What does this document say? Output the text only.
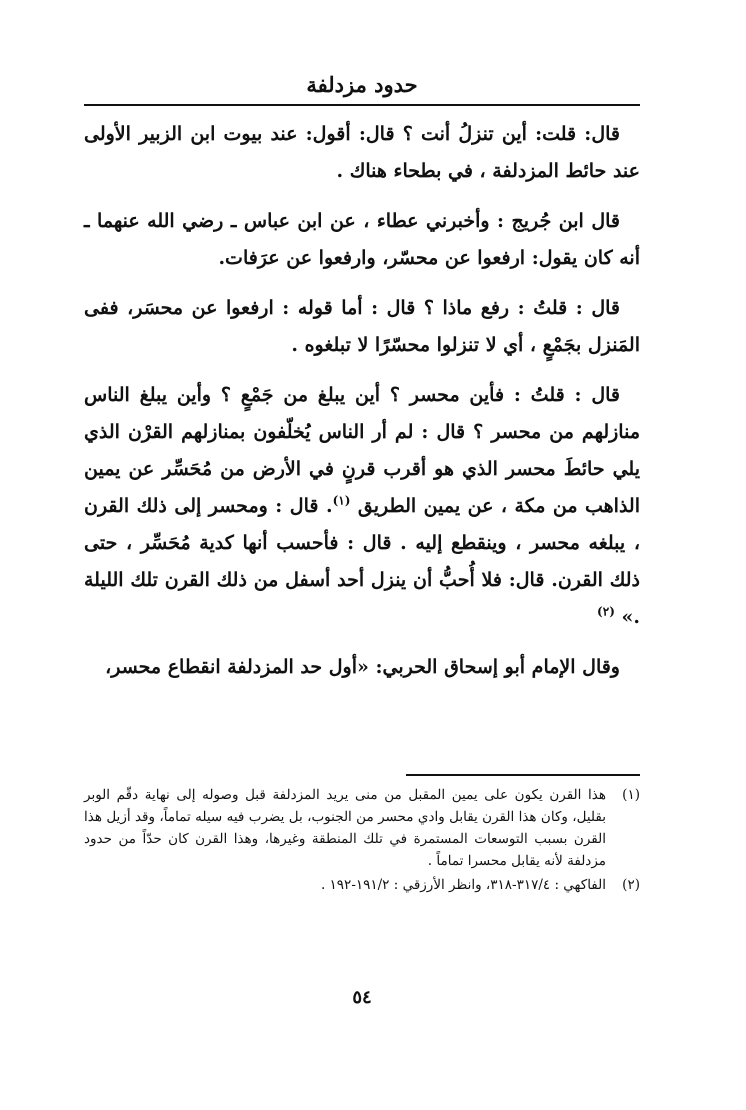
حدود مزدلفة

قال: قلت: أين تنزلُ أنت ؟ قال: أقول: عند بيوت ابن الزبير الأولى عند حائط المزدلفة ، في بطحاء هناك .

قال ابن جُريج : وأخبرني عطاء ، عن ابن عباس ـ رضي الله عنهما ـ أنه كان يقول: ارفعوا عن محسّر، وارفعوا عن عرَفات.

قال : قلتُ : رفع ماذا ؟ قال : أما قوله : ارفعوا عن محسَر، ففى المَنزل بجَمْعٍ ، أي لا تنزلوا محسّرًا لا تبلغوه .

قال : قلتُ : فأين محسر ؟ أين يبلغ من جَمْعٍ ؟ وأين يبلغ الناس منازلهم من محسر ؟ قال : لم أر الناس يُخلّفون بمنازلهم القرْن الذي يلي حائطَ محسر الذي هو أقرب قرنٍ في الأرض من مُحَسِّر عن يمين الذاهب من مكة ، عن يمين الطريق $^{(١)}$. قال : ومحسر إلى ذلك القرن ، يبلغه محسر ، وينقطع إليه . قال : فأحسب أنها كدية مُحَسِّر ، حتى ذلك القرن. قال: فلا أُحبُّ أن ينزل أحد أسفل من ذلك القرن تلك الليلة .» $^{(٢)}$

وقال الإمام أبو إسحاق الحربي: «أول حد المزدلفة انقطاع محسر،

(١)
هذا القرن يكون على يمين المقبل من منى يريد المزدلفة قبل وصوله إلى نهاية دقّم الوبر بقليل، وكان هذا القرن يقابل وادي محسر من الجنوب، بل يضرب فيه سيله تماماً، وقد أزيل هذا القرن بسبب التوسعات المستمرة في تلك المنطقة وغيرها، وهذا القرن كان حدّاً من حدود مزدلفة لأنه يقابل محسرا تماماً .
(٢)
الفاكهي : ٣١٧/٤-٣١٨، وانظر الأرزقي : ١٩١/٢-١٩٢ .
٥٤
